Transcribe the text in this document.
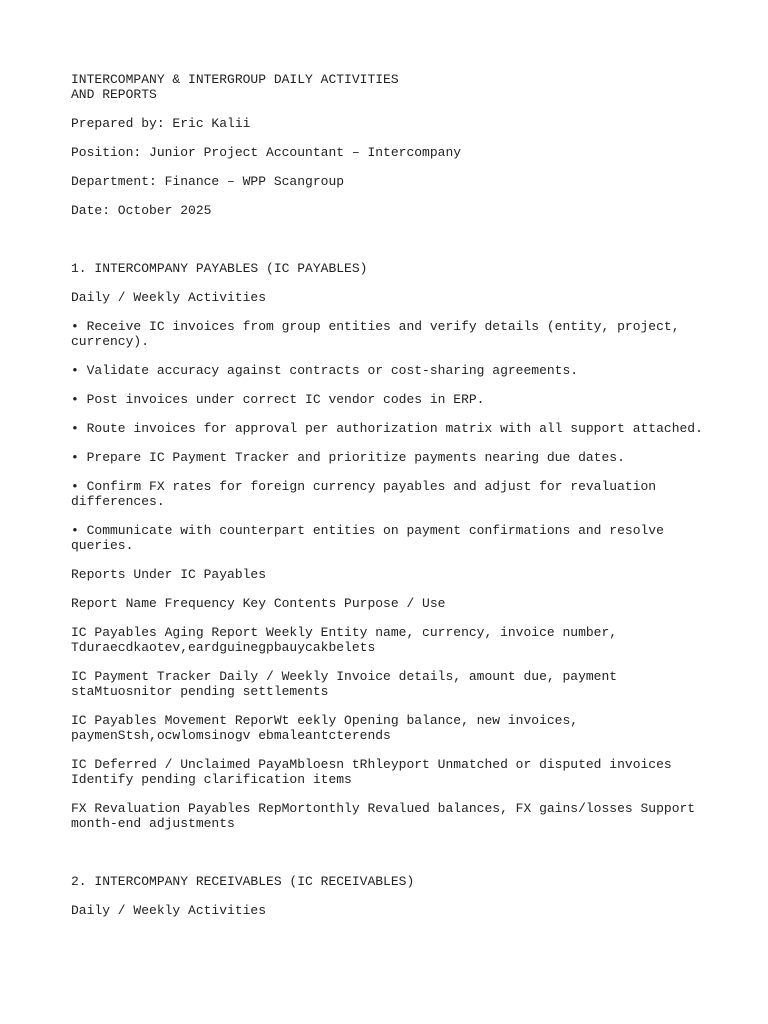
INTERCOMPANY & INTERGROUP DAILY ACTIVITIES

AND REPORTS

Prepared by: Eric Kalii

Position: Junior Project Accountant – Intercompany

Department: Finance – WPP Scangroup

Date: October 2025

1. INTERCOMPANY PAYABLES (IC PAYABLES)

Daily / Weekly Activities

• Receive IC invoices from group entities and verify details (entity, project,

currency).

• Validate accuracy against contracts or cost-sharing agreements.

• Post invoices under correct IC vendor codes in ERP.

• Route invoices for approval per authorization matrix with all support attached.

• Prepare IC Payment Tracker and prioritize payments nearing due dates.

• Confirm FX rates for foreign currency payables and adjust for revaluation

differences.

• Communicate with counterpart entities on payment confirmations and resolve

queries.

Reports Under IC Payables

Report Name Frequency Key Contents Purpose / Use

IC Payables Aging Report Weekly Entity name, currency, invoice number,

Tduraecdkaotev,eardguinegpbauycakbelets

IC Payment Tracker Daily / Weekly Invoice details, amount due, payment

staMtuosnitor pending settlements

IC Payables Movement ReporWt eekly Opening balance, new invoices,

paymenStsh,ocwlomsinogv ebmaleantcterends

IC Deferred / Unclaimed PayaMbloesn tRhleyport Unmatched or disputed invoices

Identify pending clarification items

FX Revaluation Payables RepMortonthly Revalued balances, FX gains/losses Support

month-end adjustments

2. INTERCOMPANY RECEIVABLES (IC RECEIVABLES)

Daily / Weekly Activities
